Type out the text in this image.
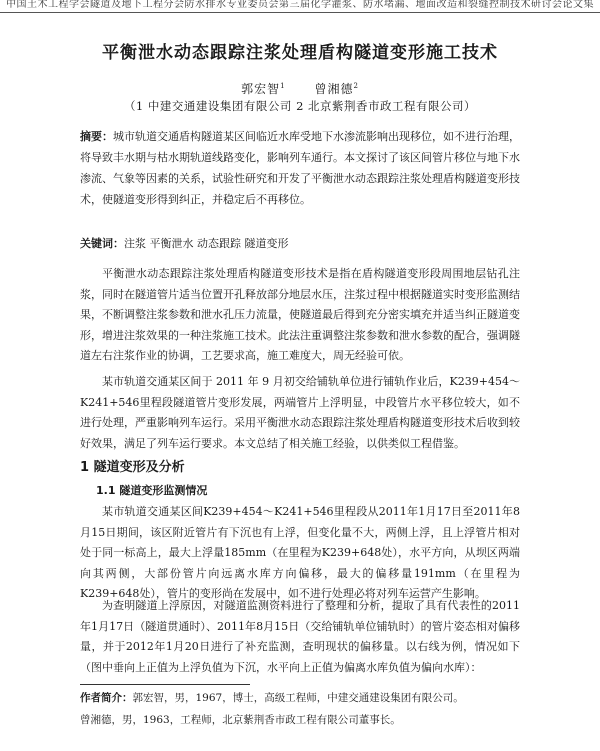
中国土木工程学会隧道及地下工程分会防水排水专业委员会第三届化学灌浆、防水堵漏、地面改造和裂缝控制技术研讨会论文集
平衡泄水动态跟踪注浆处理盾构隧道变形施工技术
郭宏智$^1$ 曾湘德$^2$
（1 中建交通建设集团有限公司 2 北京紫荆香市政工程有限公司）
摘要：城市轨道交通盾构隧道某区间临近水库受地下水渗流影响出现移位，如不进行治理，将导致丰水期与枯水期轨道线路变化，影响列车通行。本文探讨了该区间管片移位与地下水渗流、气象等因素的关系，试验性研究和开发了平衡泄水动态跟踪注浆处理盾构隧道变形技术，使隧道变形得到纠正，并稳定后不再移位。
关键词：注浆 平衡泄水 动态跟踪 隧道变形
平衡泄水动态跟踪注浆处理盾构隧道变形技术是指在盾构隧道变形段周围地层钻孔注浆，同时在隧道管片适当位置开孔释放部分地层水压，注浆过程中根据隧道实时变形监测结果，不断调整注浆参数和泄水孔压力流量，使隧道最后得到充分密实填充并适当纠正隧道变形，增进注浆效果的一种注浆施工技术。此法注重调整注浆参数和泄水参数的配合，强调隧道左右注浆作业的协调，工艺要求高，施工难度大，周无经验可依。
某市轨道交通某区间于 2011 年 9 月初交给铺轨单位进行铺轨作业后，K239+454～K241+546里程段隧道管片变形发展，两端管片上浮明显，中段管片水平移位较大，如不进行处理，严重影响列车运行。采用平衡泄水动态跟踪注浆处理盾构隧道变形技术后收到较好效果，满足了列车运行要求。本文总结了相关施工经验，以供类似工程借鉴。
1 隧道变形及分析
1.1 隧道变形监测情况
某市轨道交通某区间K239+454～K241+546里程段从2011年1月17日至2011年8月15日期间，该区附近管片有下沉也有上浮，但变化量不大，两侧上浮，且上浮管片相对处于同一标高上，最大上浮量185mm（在里程为K239+648处），水平方向，从坝区两端向其两侧，大部份管片向远离水库方向偏移，最大的偏移量191mm（在里程为K239+648处），管片的变形尚在发展中，如不进行处理必将对列车运营产生影响。
为查明隧道上浮原因，对隧道监测资料进行了整理和分析，提取了具有代表性的2011年1月17日（隧道贯通时）、2011年8月15日（交给铺轨单位铺轨时）的管片姿态相对偏移量，并于2012年1月20日进行了补充监测，查明现状的偏移量。以右线为例，情况如下（图中垂向上正值为上浮负值为下沉，水平向上正值为偏离水库负值为偏向水库）：
作者简介：郭宏智，男，1967，博士，高级工程师，中建交通建设集团有限公司。
曾湘德，男，1963，工程师，北京紫荆香市政工程有限公司董事长。
